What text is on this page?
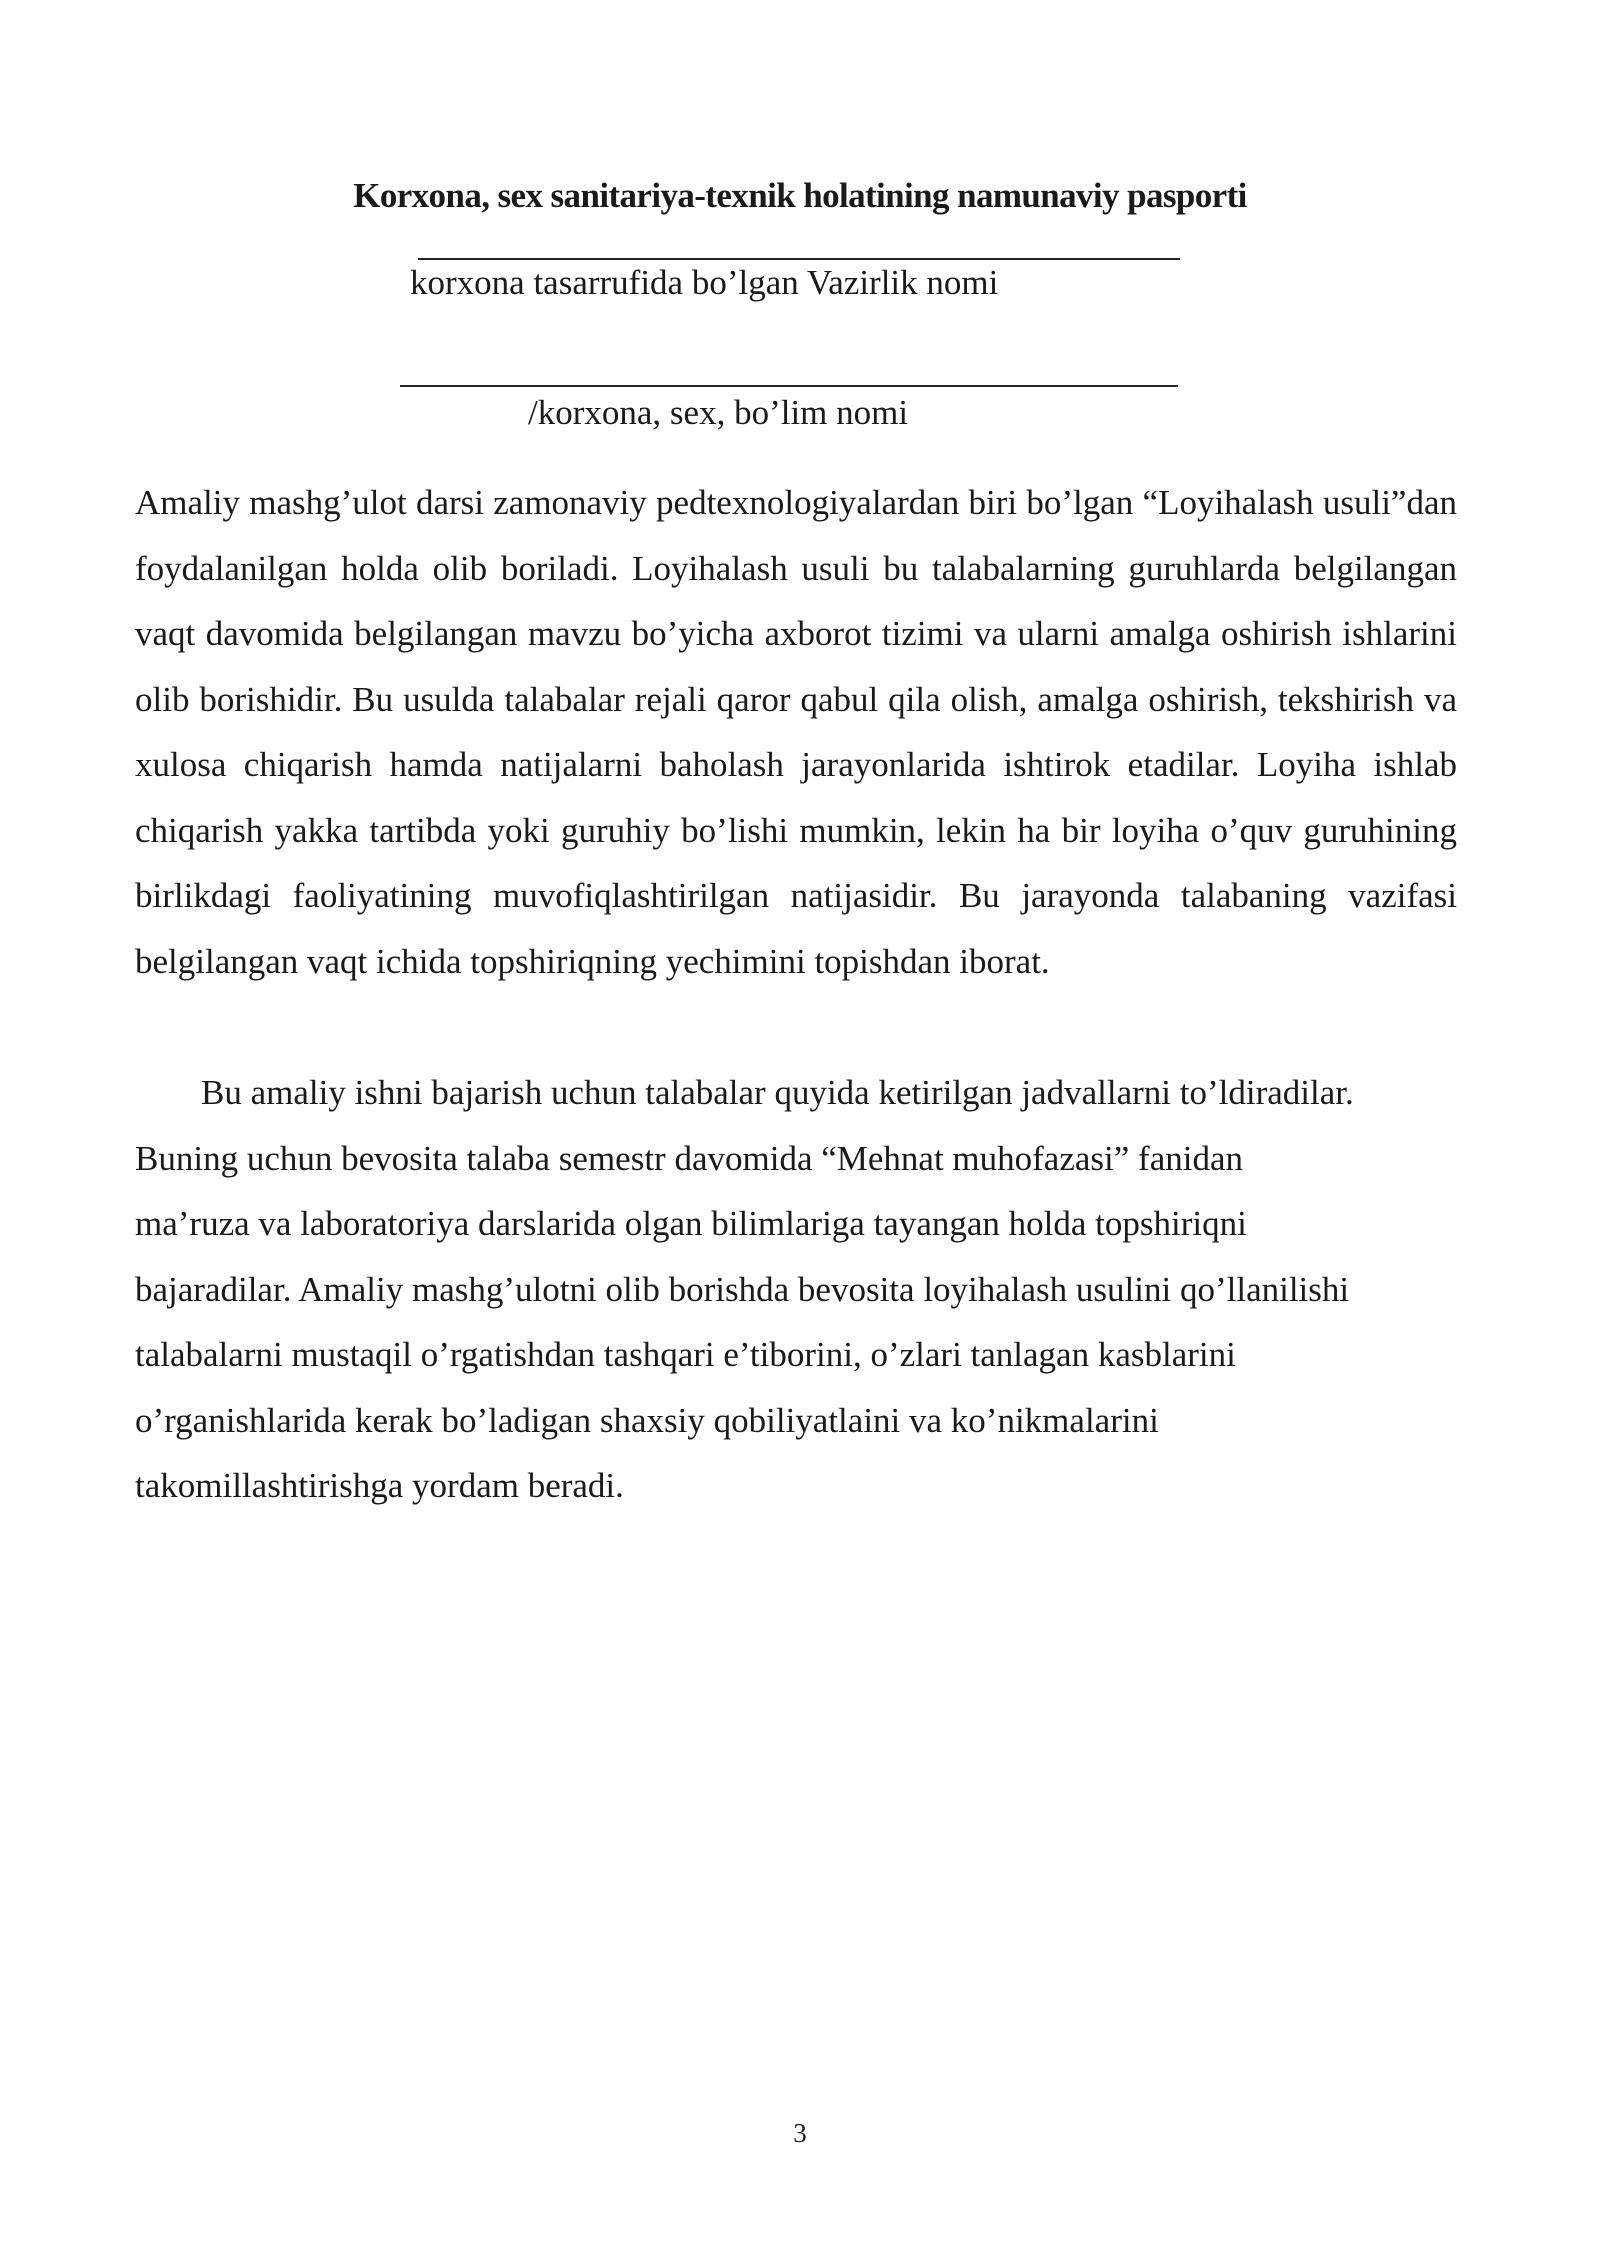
Korxona, sex sanitariya-texnik holatining namunaviy pasporti

korxona tasarrufida bo’lgan Vazirlik nomi

/korxona, sex, bo’lim nomi

Amaliy mashg’ulot darsi zamonaviy pedtexnologiyalardan biri bo’lgan “Loyihalash usuli”dan foydalanilgan holda olib boriladi. Loyihalash usuli bu talabalarning guruhlarda belgilangan vaqt davomida belgilangan mavzu bo’yicha axborot tizimi va ularni amalga oshirish ishlarini olib borishidir. Bu usulda talabalar rejali qaror qabul qila olish, amalga oshirish, tekshirish va xulosa chiqarish hamda natijalarni baholash jarayonlarida ishtirok etadilar. Loyiha ishlab chiqarish yakka tartibda yoki guruhiy bo’lishi mumkin, lekin ha bir loyiha o’quv guruhining birlikdagi faoliyatining muvofiqlashtirilgan natijasidir. Bu jarayonda talabaning vazifasi belgilangan vaqt ichida topshiriqning yechimini topishdan iborat.

Bu amaliy ishni bajarish uchun talabalar quyida ketirilgan jadvallarni to’ldiradilar.
Buning uchun bevosita talaba semestr davomida “Mehnat muhofazasi” fanidan
ma’ruza va laboratoriya darslarida olgan bilimlariga tayangan holda topshiriqni
bajaradilar. Amaliy mashg’ulotni olib borishda bevosita loyihalash usulini qo’llanilishi
talabalarni mustaqil o’rgatishdan tashqari e’tiborini, o’zlari tanlagan kasblarini
o’rganishlarida kerak bo’ladigan shaxsiy qobiliyatlaini va ko’nikmalarini
takomillashtirishga yordam beradi.

3
